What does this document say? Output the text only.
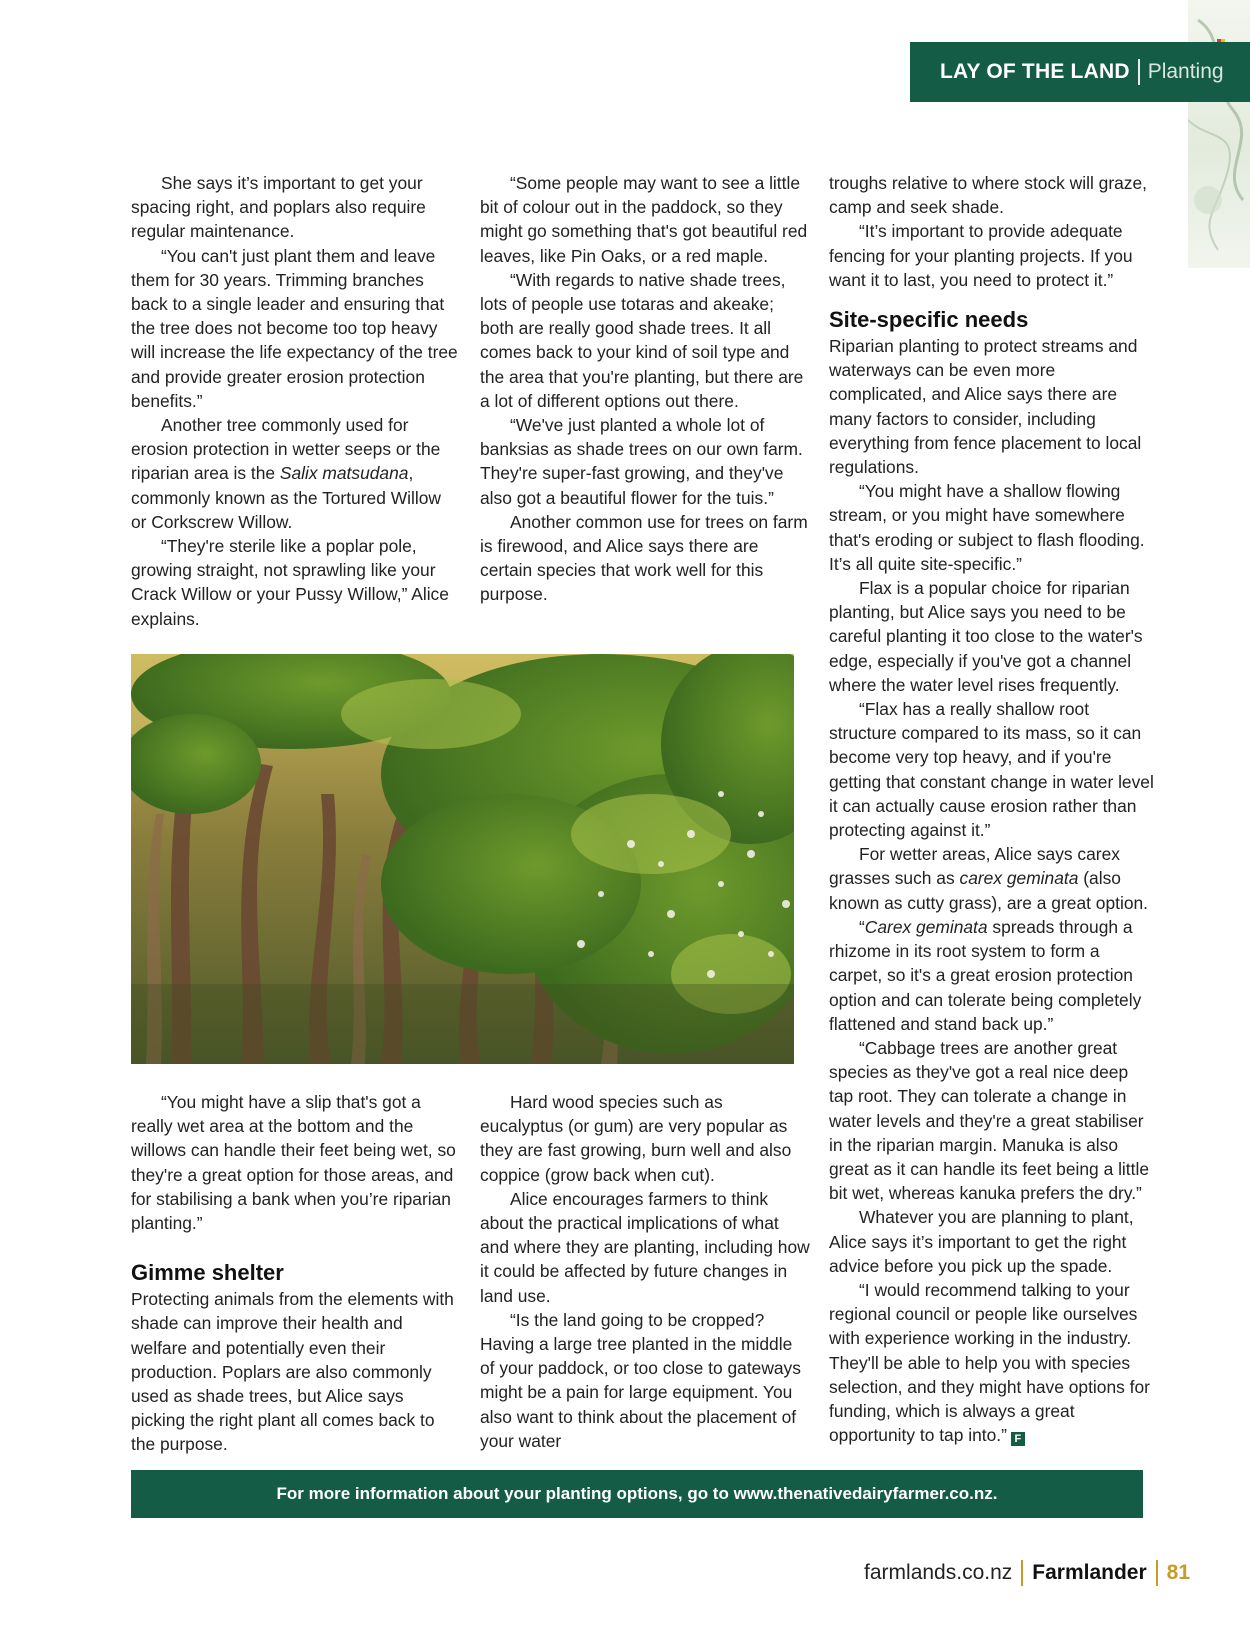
LAY OF THE LAND Planting

She says it’s important to get your spacing right, and poplars also require regular maintenance.

“You can't just plant them and leave them for 30 years. Trimming branches back to a single leader and ensuring that the tree does not become too top heavy will increase the life expectancy of the tree and provide greater erosion protection benefits.”

Another tree commonly used for erosion protection in wetter seeps or the riparian area is the Salix matsudana, commonly known as the Tortured Willow or Corkscrew Willow.

“They're sterile like a poplar pole, growing straight, not sprawling like your Crack Willow or your Pussy Willow,” Alice explains.

“Some people may want to see a little bit of colour out in the paddock, so they might go something that's got beautiful red leaves, like Pin Oaks, or a red maple.

“With regards to native shade trees, lots of people use totaras and akeake; both are really good shade trees. It all comes back to your kind of soil type and the area that you're planting, but there are a lot of different options out there.

“We've just planted a whole lot of banksias as shade trees on our own farm. They're super-fast growing, and they've also got a beautiful flower for the tuis.”

Another common use for trees on farm is firewood, and Alice says there are certain species that work well for this purpose.

“You might have a slip that's got a really wet area at the bottom and the willows can handle their feet being wet, so they're a great option for those areas, and for stabilising a bank when you’re riparian planting.”

Gimme shelter

Protecting animals from the elements with shade can improve their health and welfare and potentially even their production. Poplars are also commonly used as shade trees, but Alice says picking the right plant all comes back to the purpose.

Hard wood species such as eucalyptus (or gum) are very popular as they are fast growing, burn well and also coppice (grow back when cut).

Alice encourages farmers to think about the practical implications of what and where they are planting, including how it could be affected by future changes in land use.

“Is the land going to be cropped? Having a large tree planted in the middle of your paddock, or too close to gateways might be a pain for large equipment. You also want to think about the placement of your water

troughs relative to where stock will graze, camp and seek shade.

“It’s important to provide adequate fencing for your planting projects. If you want it to last, you need to protect it.”

Site-specific needs

Riparian planting to protect streams and waterways can be even more complicated, and Alice says there are many factors to consider, including everything from fence placement to local regulations.

“You might have a shallow flowing stream, or you might have somewhere that's eroding or subject to flash flooding. It’s all quite site-specific.”

Flax is a popular choice for riparian planting, but Alice says you need to be careful planting it too close to the water's edge, especially if you've got a channel where the water level rises frequently.

“Flax has a really shallow root structure compared to its mass, so it can become very top heavy, and if you're getting that constant change in water level it can actually cause erosion rather than protecting against it.”

For wetter areas, Alice says carex grasses such as carex geminata (also known as cutty grass), are a great option.

“Carex geminata spreads through a rhizome in its root system to form a carpet, so it's a great erosion protection option and can tolerate being completely flattened and stand back up.”

“Cabbage trees are another great species as they've got a real nice deep tap root. They can tolerate a change in water levels and they're a great stabiliser in the riparian margin. Manuka is also great as it can handle its feet being a little bit wet, whereas kanuka prefers the dry.”

Whatever you are planning to plant, Alice says it’s important to get the right advice before you pick up the spade.

“I would recommend talking to your regional council or people like ourselves with experience working in the industry. They'll be able to help you with species selection, and they might have options for funding, which is always a great opportunity to tap into.” F

For more information about your planting options, go to www.thenativedairyfarmer.co.nz.
farmlands.co.nz Farmlander 81
